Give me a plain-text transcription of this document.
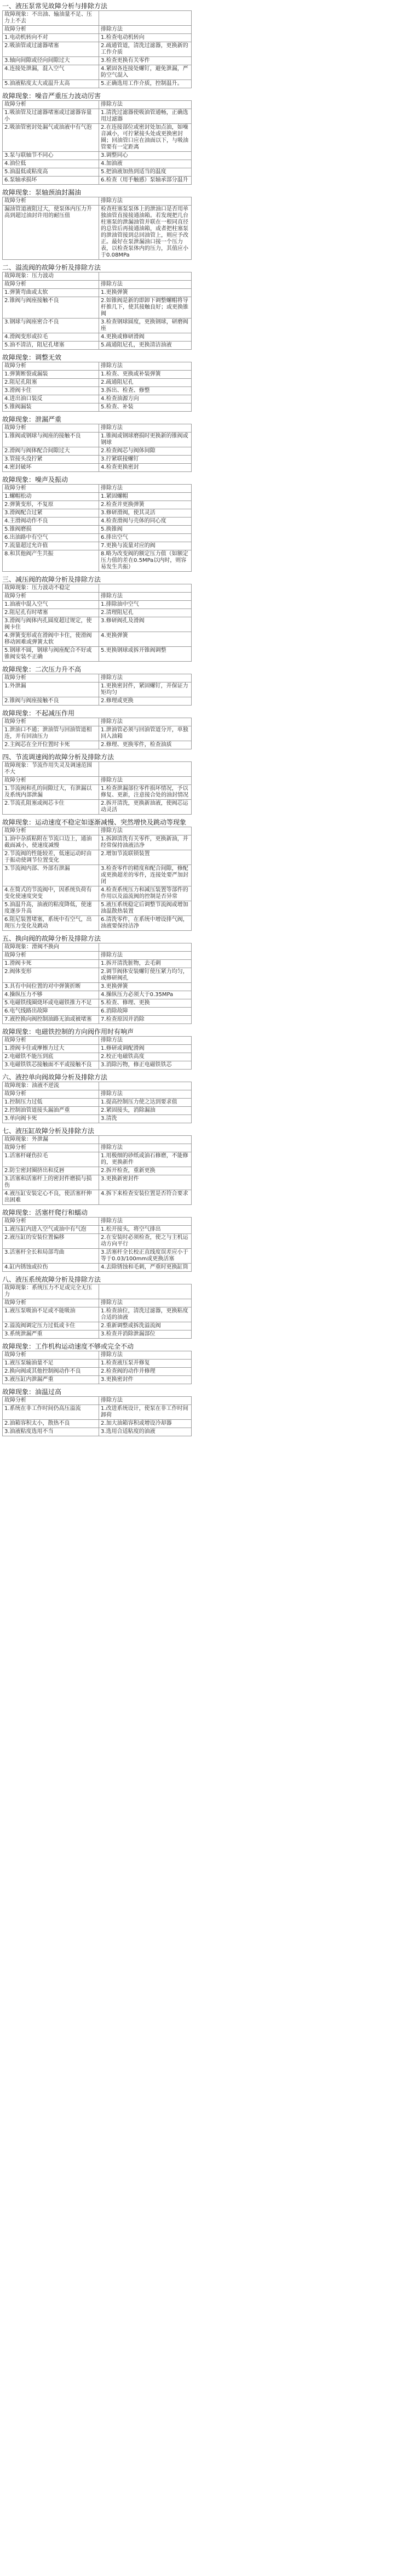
一、液压泵常见故障分析与排除方法
故障现象：不出油、输油量不足、压力上不去	
故障分析	排除方法
1.电动机转向不对	1.检查电动机转向
2.吸油管或过滤器堵塞	2.疏通管道，清洗过滤器，更换新的工作介质
3.轴向间隙或径向间隙过大	3.检查更换有关零件
4.连接处泄漏，混入空气	4.紧固各连接处螺钉，避免泄漏，严防空气混入
5.油液粘度太大或温升太高	5.正确选用工作介质，控制温升。
故障现象：噪音严重压力波动厉害
故障分析	排除方法
1.吸油管及过滤器堵塞或过滤器容量小	1.清洗过滤器使吸油管通畅，正确选用过滤器
2.吸油管密封处漏气或油液中有气泡	2.在连接部位或密封处加点油，如噪音减小，可拧紧接头处或更换密封圈；回油管口应在油面以下，与吸油管要有一定距离
3.泵与联轴节不同心	3.调整同心
4.油位低	4.加油液
5.油温低或粘度高	5.把油液加热到适当的温度
6.泵轴承损坏	6.检查（用手触感）泵轴承部分温升
故障现象：泵轴颈油封漏油
故障分析	排除方法
漏油管道液阻过大，使泵体内压力升高到超过油封许用的耐压值	检查柱塞泵泵体上的泄油口是否用单独油管直接接通油箱。若发现把几台柱塞泵的泄漏油管并联在一根同直径的总管后再接通油箱，或者把柱塞泵的泄油管接到总回油管上，则应予改正。最好在泵泄漏油口接一个压力表，以检查泵体内的压力，其值应小于0.08MPa
二、溢流阀的故障分析及排除方法
故障现象：压力波动	
故障分析	排除方法
1.弹簧弯曲或太软	1.更换弹簧
2.锥阀与阀座接触不良	2.如锥阀是新的即卸下调整螺帽将导杆推几下，使其接触良好；或更换锥阀
3.钢球与阀座密合不良	3.检查钢球圆度，更换钢球，研磨阀座
4.滑阀变形或拉毛	4.更换或修研滑阀
5.油不清洁，阻尼孔堵塞	5.疏通阻尼孔，更换清洁油液
故障现象：调整无效
故障分析	排除方法
1.弹簧断裂或漏装	1.检查、更换或补装弹簧
2.阻尼孔阻塞	2.疏通阻尼孔
3.滑阀卡住	3.拆出、检查、修整
4.进出油口装反	4.检查油源方向
5.锥阀漏装	5.检查、补装
故障现象：泄漏严重
故障分析	排除方法
1.锥阀或钢球与阀座的接触不良	1.锥阀或钢球磨损时更换新的锥阀或钢球
2.滑阀与阀体配合间隙过大	2.检查阀芯与阀体间隙
3.管接头没拧紧	3.拧紧联接螺钉
4.密封破坏	4.检查更换密封
故障现象：噪声及振动
故障分析	排除方法
1.螺帽松动	1.紧固螺帽
2.弹簧变形，不复原	2.检查并更换弹簧
3.滑阀配合过紧	3.修研滑阀，使其灵活
4.主滑阀动作不良	4.检查滑阀与壳体的同心度
5.锥阀磨损	5.换锥阀
6.出油路中有空气	6.排出空气
7.流量超过允许值	7.更换与流量对应的阀
8.和其他阀产生共振	8.略为改变阀的额定压力值（如额定压力值的差在0.5MPa以内时，则容易发生共振）
三、减压阀的故障分析及排除方法
故障现象：压力波动不稳定	
故障分析	排除方法
1.油液中混入空气	1.排除油中空气
2.阻尼孔有时堵塞	2.清理阻尼孔
3.滑阀与阀体内孔圆度超过规定，使阀卡住	3.修研阀孔及滑阀
4.弹簧变形或在滑阀中卡住，使滑阀移动困难或弹簧太软	4.更换弹簧
5.钢球不圆，钢球与阀座配合不好或锥阀安装不正确	5.更换钢球或拆开锥阀调整
故障现象：二次压力升不高
故障分析	排除方法
1.外泄漏	1.更换密封件，紧固螺钉，并保证力矩均匀
2.锥阀与阀座接触不良	2.修理或更换
故障现象：不起减压作用
故障分析	排除方法
1.泄油口不通；泄油管与回油管道相连，并有回油压力	1.泄油管必须与回油管道分开，单独回入油箱
2.主阀芯在全开位置时卡死	2.修理、更换零件，检查油质
四、节流调速阀的故障分析及排除方法
故障现象：节流作用失灵及调速范围不大	
故障分析	排除方法
1.节流阀和孔的间隙过大，有泄漏以及系统内部泄漏	1.检查泄漏部位零件损坏情况，予以修复、更新，注意接合处的油封情况
2.节流孔阻塞或阀芯卡住	2.拆开清洗，更换新油液，使阀芯运动灵活
故障现象：运动速度不稳定如逐渐减慢、突然增快及跳动等现象
故障分析	排除方法
1.油中杂质粘附在节流口边上，通油截面减小，使速度减慢	1.拆卸清洗有关零件，更换新油，并经常保持油液洁净
2.节流阀的性能较差，低速运动时由于振动使调节位置变化	2.增加节流联锁装置
3.节流阀内部、外部有泄漏	3.检查零件的精度和配合间隙，修配或更换超差的零件，连接处要严加封闭
4.在简式的节流阀中，因系统负荷有变化使速度突变	4.检查系统压力和减压装置等部件的作用以及溢流阀的控制是否异常
5.油温升高，油液的粘度降低，使速度逐步升高	5.液压系统稳定后调整节流阀或增加油温散热装置
6.阻尼装置堵塞，系统中有空气，出现压力变化及跳动	6.清洗零件，在系统中增设排气阀，油液要保持洁净
五、换向阀的故障分析及排除方法
故障现象：滑阀不换向	
故障分析	排除方法
1.滑阀卡死	1.拆开清洗脏物，去毛刺
2.阀体变形	2.调节阀体安装螺钉使压紧力均匀，或修研阀孔
3.具有中间位置的对中弹簧折断	3.更换弹簧
4.操纵压力不够	4.操纵压力必须大于0.35MPa
5.电磁铁线圈烧坏或电磁铁推力不足	5.检查、修理、更换
6.电气线路出故障	6.消除故障
7.液控换向阀控制油路无油或被堵塞	7.检查原因并消除
故障现象：电磁铁控制的方向阀作用时有响声
故障分析	排除方法
1.滑阀卡住或摩擦力过大	1.修研或调配滑阀
2.电磁铁不能压到底	2.校正电磁铁高度
3.电磁铁铁芯接触面不平或接触不良	3.消除污物，修正电磁铁铁芯
六、液控单向阀故障分析及排除方法
故障现象：油液不逆流	
故障分析	排除方法
1.控制压力过低	1.提高控制压力使之达到要求值
2.控制油管道接头漏油严重	2.紧固接头，消除漏油
3.单向阀卡死	3.清洗
七、液压缸故障分析及排除方法
故障现象：外泄漏	
故障分析	排除方法
1.活塞杆碰伤拉毛	1.用极细的砂纸或油石修磨，不能修的，更换新件
2.防尘密封圈挤出和反唇	2.拆开检查，重新更换
3.活塞和活塞杆上的密封件磨损与损伤	3.更换新密封件
4.液压缸安装定心不良，使活塞杆伸出困难	4.拆下来检查安装位置是否符合要求
故障现象：活塞杆爬行和蠕动
故障分析	排除方法
1.液压缸内进入空气或油中有气泡	1.松开接头，将空气排出
2.液压缸的安装位置偏移	2.在安装时必须检查，使之与主机运动方向平行
3.活塞杆全长和局部弯曲	3.活塞杆全长校正直线度误差应小于等于0.03/100mm或更换活塞
4.缸内锈蚀或拉伤	4.去除锈蚀和毛刺，严重时更换缸筒
八、液压系统故障分析及排除方法
故障现象：系统压力不足或完全无压力	
故障分析	排除方法
1.液压泵吸油不足或不能吸油	1.检查油位，清洗过滤器，更换粘度合适的油液
2.溢流阀调定压力过低或卡住	2.重新调整或拆洗溢流阀
3.系统泄漏严重	3.检查并消除泄漏部位
故障现象：工作机构运动速度不够或完全不动
故障分析	排除方法
1.液压泵输油量不足	1.检查液压泵并修复
2.换向阀或其他控制阀动作不良	2.检查阀的动作并修理
3.液压缸内泄漏严重	3.更换密封件
故障现象：油温过高
故障分析	排除方法
1.系统在非工作时间仍高压溢流	1.改进系统设计，使泵在非工作时间卸荷
2.油箱容积太小，散热不良	2.加大油箱容积或增设冷却器
3.油液粘度选用不当	3.选用合适粘度的油液
